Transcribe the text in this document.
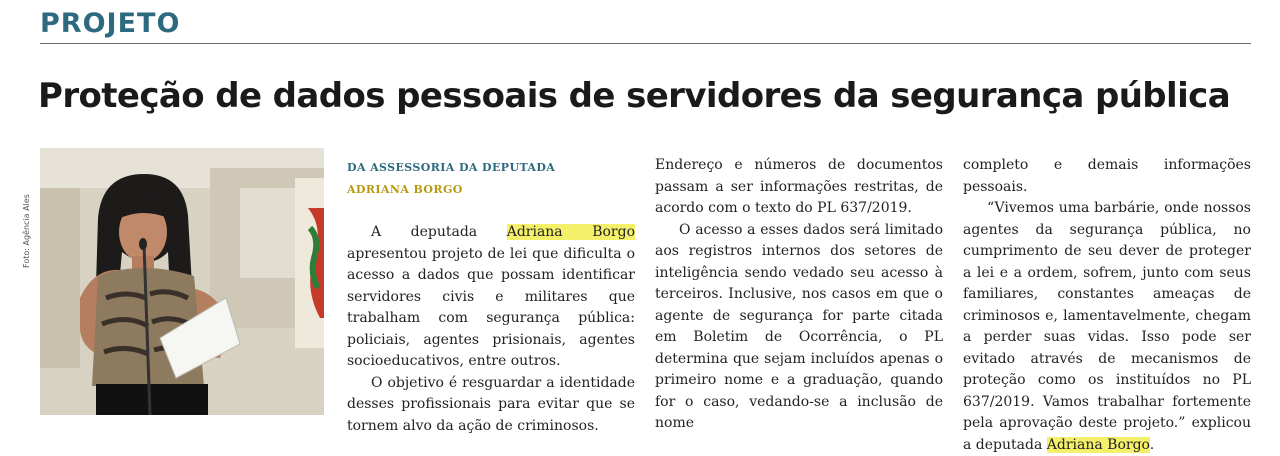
PROJETO
Proteção de dados pessoais de servidores da segurança pública
Foto: Agência Ales
DA ASSESSORIA DA DEPUTADA
ADRIANA BORGO

A deputada Adriana Borgo apresentou projeto de lei que dificulta o acesso a dados que possam identificar servidores civis e militares que trabalham com segurança pública: policiais, agentes prisionais, agentes socioeducativos, entre outros.

O objetivo é resguardar a identidade desses profissionais para evitar que se tornem alvo da ação de criminosos.

Endereço e números de documentos passam a ser informações restritas, de acordo com o texto do PL 637/2019.

O acesso a esses dados será limitado aos registros internos dos setores de inteligência sendo vedado seu acesso à terceiros. Inclusive, nos casos em que o agente de segurança for parte citada em Boletim de Ocorrência, o PL determina que sejam incluídos apenas o primeiro nome e a graduação, quando for o caso, vedando-se a inclusão de nome

completo e demais informações pessoais.

“Vivemos uma barbárie, onde nossos agentes da segurança pública, no cumprimento de seu dever de proteger a lei e a ordem, sofrem, junto com seus familiares, constantes ameaças de criminosos e, lamentavelmente, chegam a perder suas vidas. Isso pode ser evitado através de mecanismos de proteção como os instituídos no PL 637/2019. Vamos trabalhar fortemente pela aprovação deste projeto.” explicou a deputada Adriana Borgo.
